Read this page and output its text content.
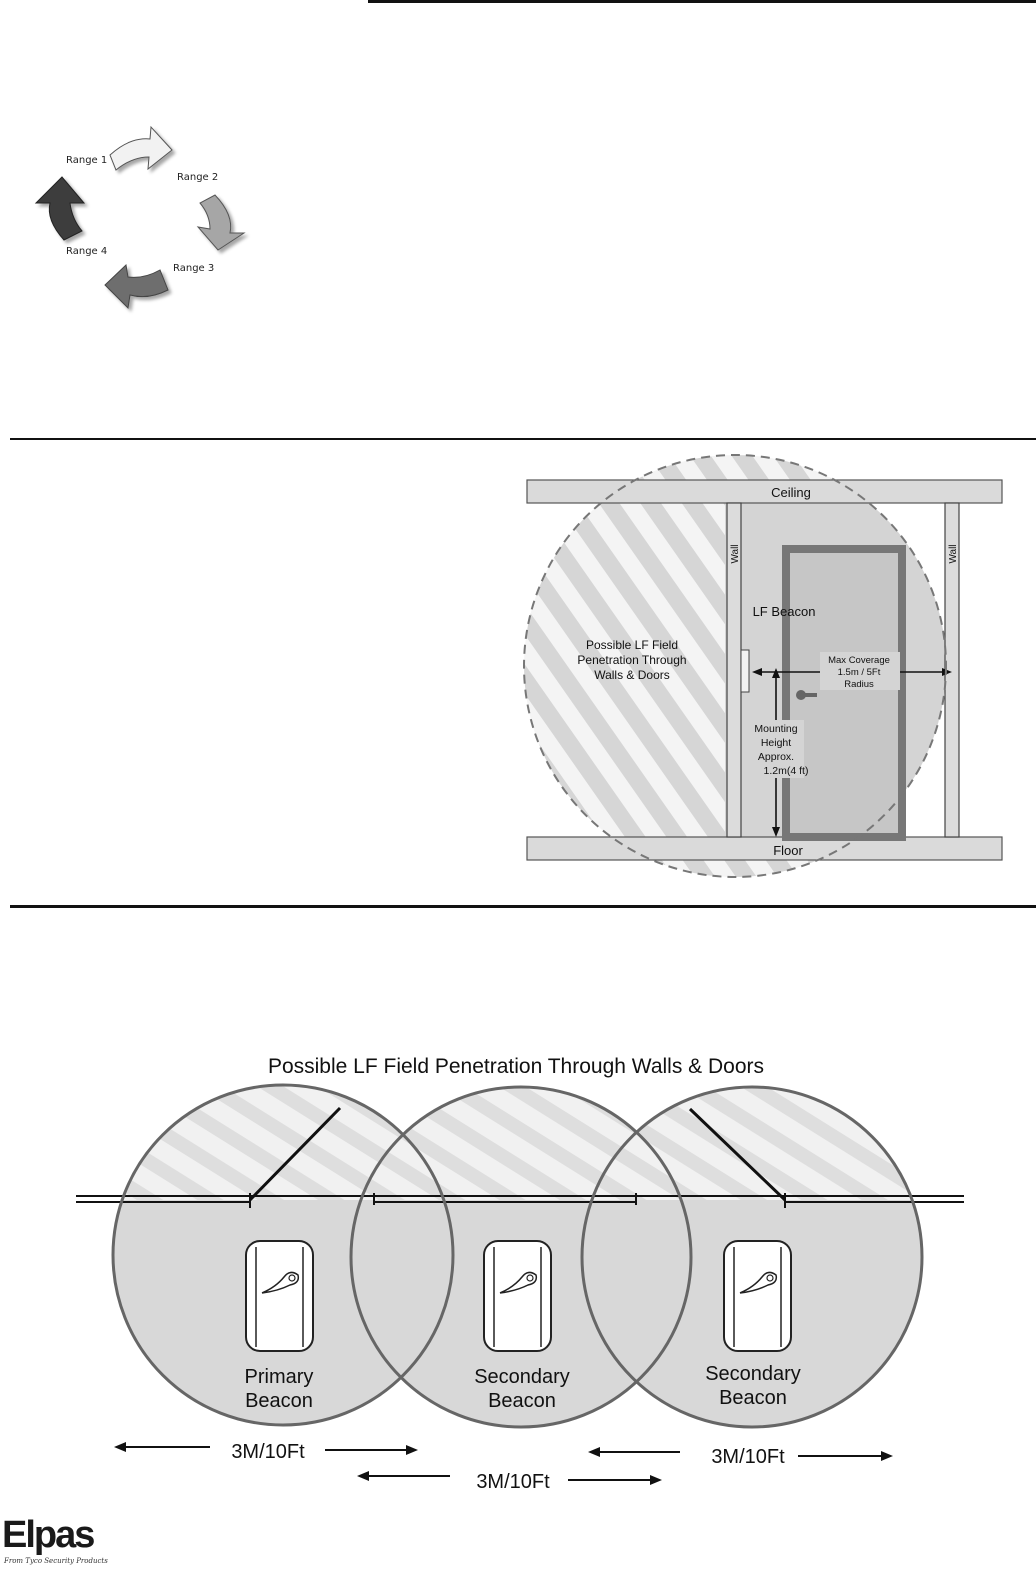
Range 1
Range 2
Range 3
Range 4
Ceiling
Floor
Wall	Wall
LF Beacon
Possible LF Field
Penetration Through
Walls & Doors
Max Coverage
1.5m / 5Ft
Radius
Mounting
Height
Approx.
1.2m(4 ft)
Possible LF Field Penetration Through Walls & Doors
Primary
Beacon
Secondary
Beacon
Secondary
Beacon
3M/10Ft	3M/10Ft
3M/10Ft
Elpas
From Tyco Security Products
